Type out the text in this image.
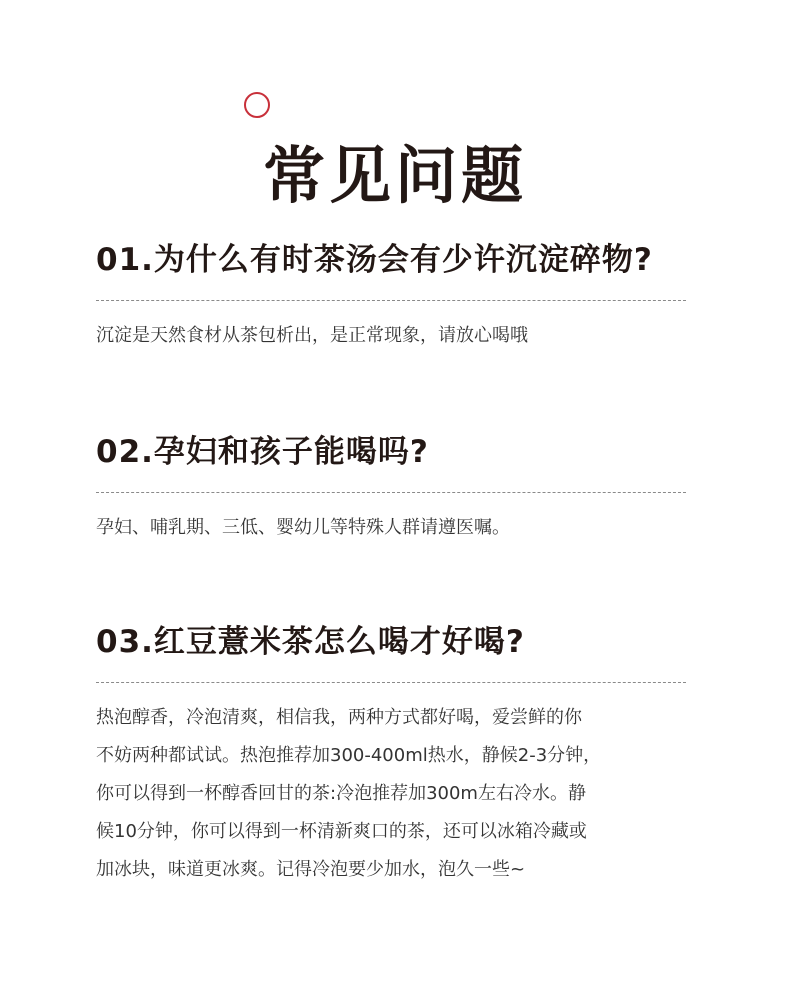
常见问题
01.为什么有时茶汤会有少许沉淀碎物?
沉淀是天然食材从茶包析出，是正常现象，请放心喝哦
02.孕妇和孩子能喝吗?
孕妇、哺乳期、三低、婴幼儿等特殊人群请遵医嘱。
03.红豆薏米茶怎么喝才好喝?
热泡醇香，冷泡清爽，相信我，两种方式都好喝，爱尝鲜的你
不妨两种都试试。热泡推荐加300-400ml热水，静候2-3分钟，
你可以得到一杯醇香回甘的茶:冷泡推荐加300m左右冷水。静
候10分钟，你可以得到一杯清新爽口的茶，还可以冰箱冷藏或
加冰块，味道更冰爽。记得冷泡要少加水，泡久一些~
